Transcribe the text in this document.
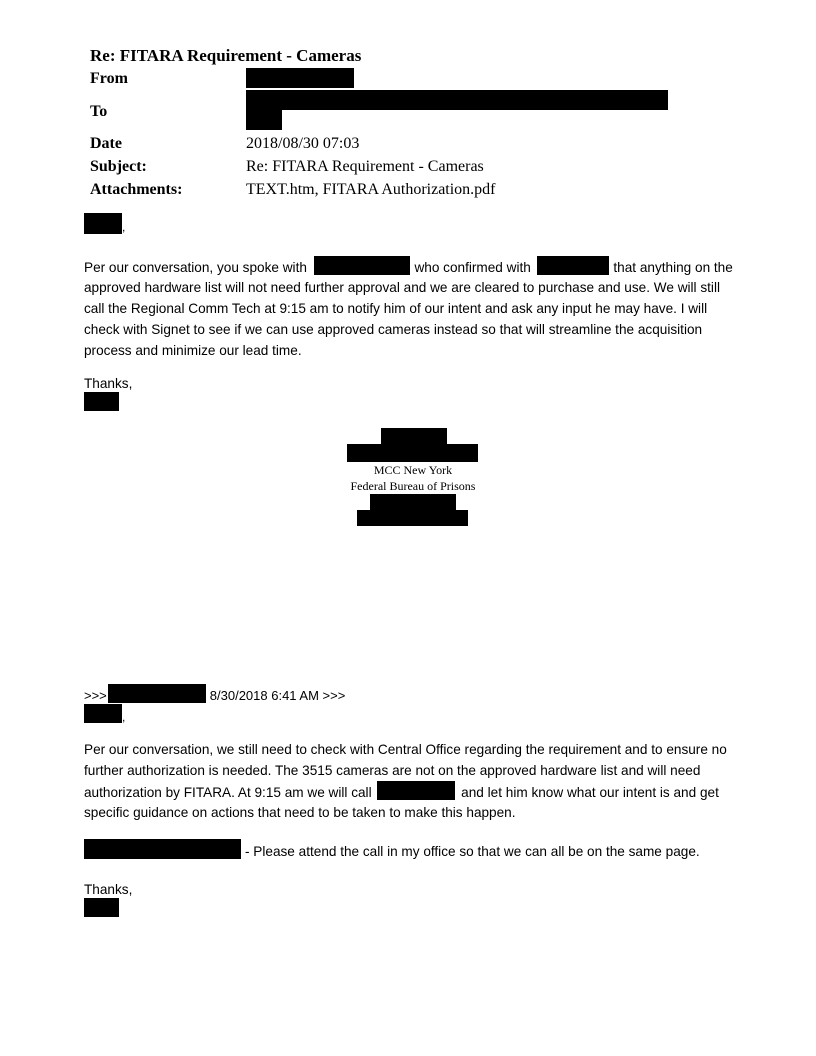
Re: FITARA Requirement - Cameras
From
To
Date	2018/08/30 07:03
Subject:	Re: FITARA Requirement - Cameras
Attachments:	TEXT.htm, FITARA Authorization.pdf
,
Per our conversation, you spoke with	who confirmed with	that anything on the
approved hardware list will not need further approval and we are cleared to purchase and use. We will still
call the Regional Comm Tech at 9:15 am to notify him of our intent and ask any input he may have. I will
check with Signet to see if we can use approved cameras instead so that will streamline the acquisition
process and minimize our lead time.
Thanks,
MCC New York
Federal Bureau of Prisons
>>>	8/30/2018 6:41 AM >>>
,
Per our conversation, we still need to check with Central Office regarding the requirement and to ensure no
further authorization is needed. The 3515 cameras are not on the approved hardware list and will need
authorization by FITARA. At 9:15 am we will call	and let him know what our intent is and get
specific guidance on actions that need to be taken to make this happen.
- Please attend the call in my office so that we can all be on the same page.
Thanks,
